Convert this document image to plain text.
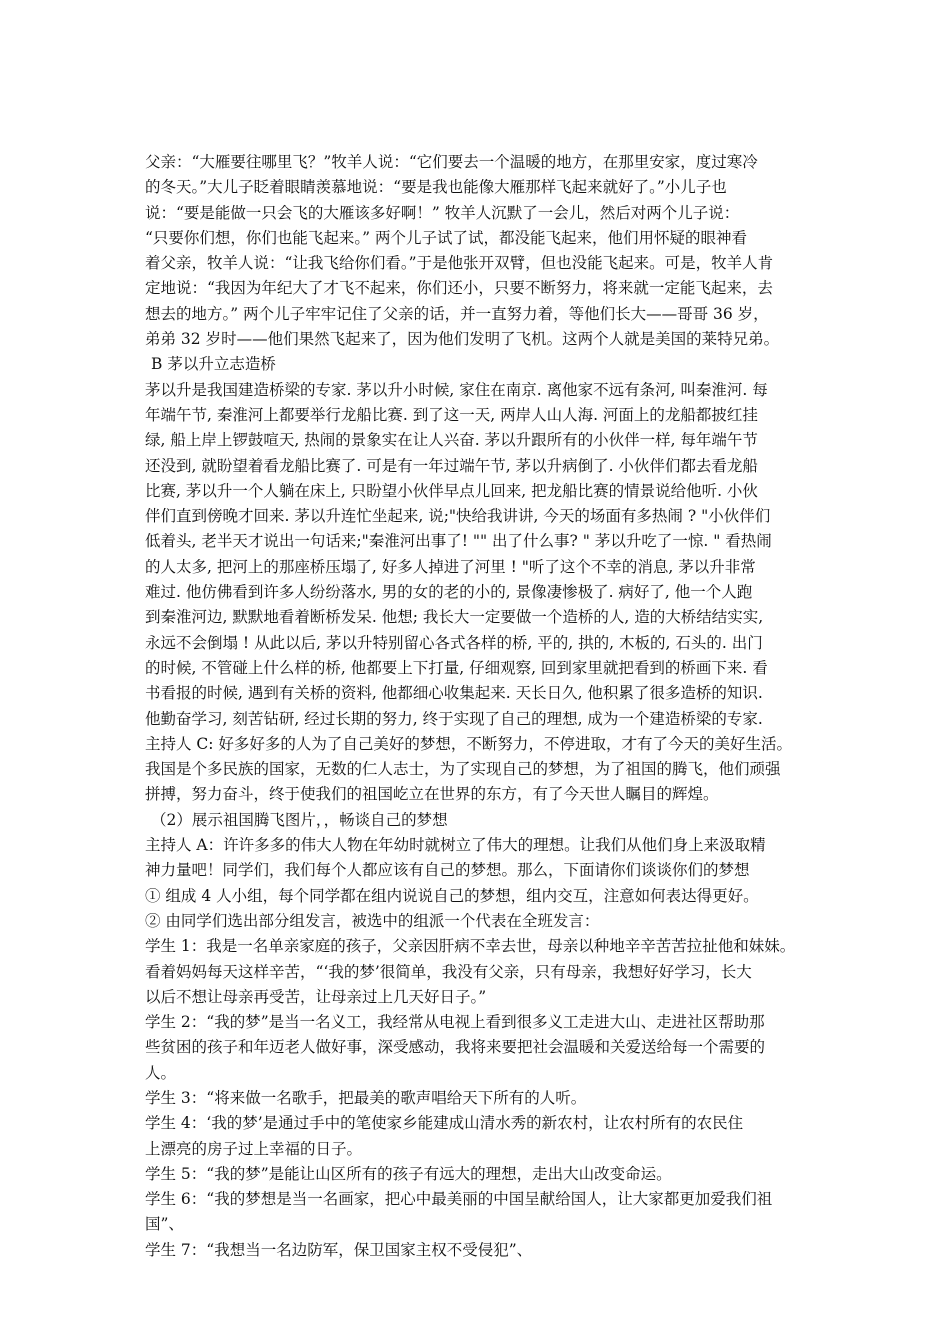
父亲：“大雁要往哪里飞？”牧羊人说：“它们要去一个温暖的地方，在那里安家，度过寒冷
的冬天。”大儿子眨着眼睛羡慕地说：“要是我也能像大雁那样飞起来就好了。”小儿子也
说：“要是能做一只会飞的大雁该多好啊！” 牧羊人沉默了一会儿，然后对两个儿子说：
“只要你们想，你们也能飞起来。” 两个儿子试了试，都没能飞起来，他们用怀疑的眼神看
着父亲，牧羊人说：“让我飞给你们看。”于是他张开双臂，但也没能飞起来。可是，牧羊人肯
定地说：“我因为年纪大了才飞不起来，你们还小，只要不断努力，将来就一定能飞起来，去
想去的地方。” 两个儿子牢牢记住了父亲的话，并一直努力着，等他们长大——哥哥 36 岁，
弟弟 32 岁时——他们果然飞起来了，因为他们发明了飞机。这两个人就是美国的莱特兄弟。
B 茅以升立志造桥
茅以升是我国建造桥梁的专家. 茅以升小时候, 家住在南京. 离他家不远有条河, 叫秦淮河. 每
年端午节, 秦淮河上都要举行龙船比赛. 到了这一天, 两岸人山人海. 河面上的龙船都披红挂
绿, 船上岸上锣鼓喧天, 热闹的景象实在让人兴奋. 茅以升跟所有的小伙伴一样, 每年端午节
还没到, 就盼望着看龙船比赛了. 可是有一年过端午节, 茅以升病倒了. 小伙伴们都去看龙船
比赛, 茅以升一个人躺在床上, 只盼望小伙伴早点儿回来, 把龙船比赛的情景说给他听. 小伙
伴们直到傍晚才回来. 茅以升连忙坐起来, 说;"快给我讲讲, 今天的场面有多热闹 ? "小伙伴们
低着头, 老半天才说出一句话来;"秦淮河出事了! "" 出了什么事? " 茅以升吃了一惊. " 看热闹
的人太多, 把河上的那座桥压塌了, 好多人掉进了河里 ! "听了这个不幸的消息, 茅以升非常
难过. 他仿佛看到许多人纷纷落水, 男的女的老的小的, 景像凄惨极了. 病好了, 他一个人跑
到秦淮河边, 默默地看着断桥发呆. 他想; 我长大一定要做一个造桥的人, 造的大桥结结实实,
永远不会倒塌 ! 从此以后, 茅以升特别留心各式各样的桥, 平的, 拱的, 木板的, 石头的. 出门
的时候, 不管碰上什么样的桥, 他都要上下打量, 仔细观察, 回到家里就把看到的桥画下来. 看
书看报的时候, 遇到有关桥的资料, 他都细心收集起来. 天长日久, 他积累了很多造桥的知识.
他勤奋学习, 刻苦钻研, 经过长期的努力, 终于实现了自己的理想, 成为一个建造桥梁的专家.
主持人 C: 好多好多的人为了自己美好的梦想，不断努力，不停进取，才有了今天的美好生活。
我国是个多民族的国家，无数的仁人志士，为了实现自己的梦想，为了祖国的腾飞，他们顽强
拼搏，努力奋斗，终于使我们的祖国屹立在世界的东方，有了今天世人瞩目的辉煌。
（2）展示祖国腾飞图片，，畅谈自己的梦想
主持人 A：许许多多的伟大人物在年幼时就树立了伟大的理想。让我们从他们身上来汲取精
神力量吧！同学们，我们每个人都应该有自己的梦想。那么，下面请你们谈谈你们的梦想
① 组成 4 人小组，每个同学都在组内说说自己的梦想，组内交互，注意如何表达得更好。
② 由同学们选出部分组发言，被选中的组派一个代表在全班发言：
学生 1：我是一名单亲家庭的孩子，父亲因肝病不幸去世，母亲以种地辛辛苦苦拉扯他和妹妹。
看着妈妈每天这样辛苦，“‘我的梦’很简单，我没有父亲，只有母亲，我想好好学习，长大
以后不想让母亲再受苦，让母亲过上几天好日子。”
学生 2：“我的梦”是当一名义工，我经常从电视上看到很多义工走进大山、走进社区帮助那
些贫困的孩子和年迈老人做好事，深受感动，我将来要把社会温暖和关爱送给每一个需要的
人。
学生 3：“将来做一名歌手，把最美的歌声唱给天下所有的人听。
学生 4：‘我的梦’是通过手中的笔使家乡能建成山清水秀的新农村，让农村所有的农民住
上漂亮的房子过上幸福的日子。
学生 5：“我的梦”是能让山区所有的孩子有远大的理想，走出大山改变命运。
学生 6：“我的梦想是当一名画家，把心中最美丽的中国呈献给国人，让大家都更加爱我们祖
国”、
学生 7：“我想当一名边防军，保卫国家主权不受侵犯”、
